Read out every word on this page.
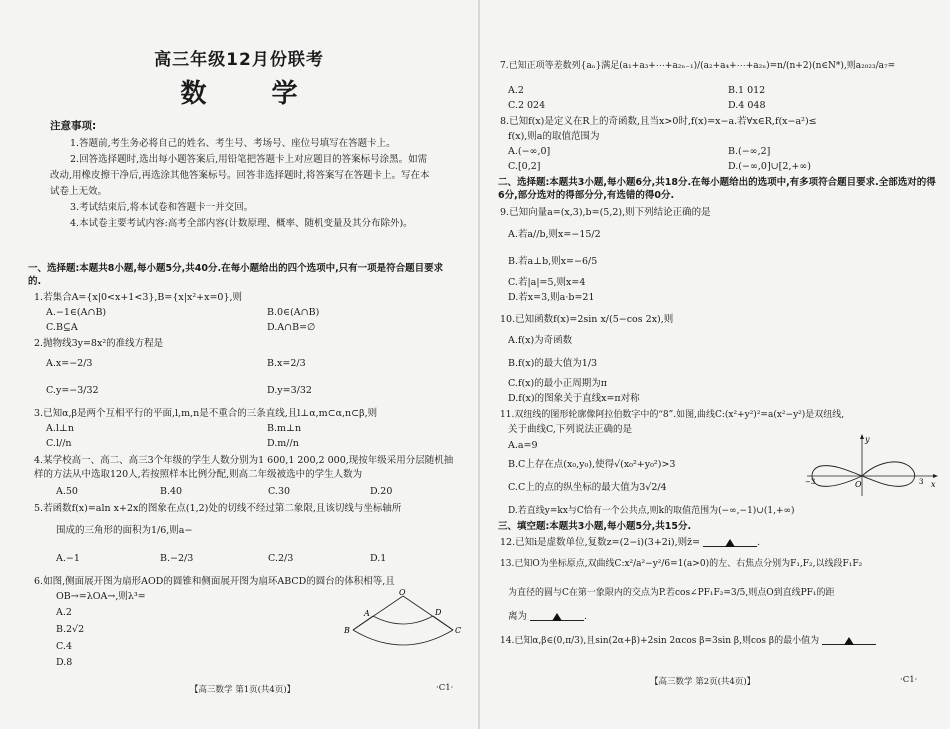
高三年级12月份联考
数 学
注意事项:
1.答题前,考生务必将自己的姓名、考生号、考场号、座位号填写在答题卡上。
2.回答选择题时,选出每小题答案后,用铅笔把答题卡上对应题目的答案标号涂黑。如需改动,用橡皮擦干净后,再选涂其他答案标号。回答非选择题时,将答案写在答题卡上。写在本试卷上无效。
3.考试结束后,将本试卷和答题卡一并交回。
4.本试卷主要考试内容:高考全部内容(计数原理、概率、随机变量及其分布除外)。
一、选择题:本题共8小题,每小题5分,共40分.在每小题给出的四个选项中,只有一项是符合题目要求的.
1.若集合A={x|0<x+1<3},B={x|x²+x=0},则
A.−1∈(A∩B)	B.0∈(A∩B)
C.B⊆A	D.A∩B=∅
2.抛物线3y=8x²的准线方程是
A.x=−2/3	B.x=2/3
C.y=−3/32	D.y=3/32
3.已知α,β是两个互相平行的平面,l,m,n是不重合的三条直线,且l⊥α,m⊂α,n⊂β,则
A.l⊥n	B.m⊥n
C.l//n	D.m//n
4.某学校高一、高二、高三3个年级的学生人数分别为1 600,1 200,2 000,现按年级采用分层随机抽样的方法从中选取120人,若按照样本比例分配,则高二年级被选中的学生人数为
A.50	B.40	C.30	D.20
5.若函数f(x)=aln x+2x的图象在点(1,2)处的切线不经过第二象限,且该切线与坐标轴所
围成的三角形的面积为1/6,则a−
A.−1	B.−2/3	C.2/3	D.1
6.如图,侧面展开图为扇形AOD的圆锥和侧面展开图为扇环ABCD的圆台的体积相等,且
OB→=λOA→,则λ³=
A.2
B.2√2
C.4
D.8
O
A
B	C
D
【高三数学 第1页(共4页)】	·C1·
7.已知正项等差数列{aₙ}满足(a₁+a₃+⋯+a₂ₙ₋₁)/(a₂+a₄+⋯+a₂ₙ)=n/(n+2)(n∈N*),则a₂₀₂₃/a₇=
A.2	B.1 012
C.2 024	D.4 048
8.已知f(x)是定义在R上的奇函数,且当x>0时,f(x)=x−a.若∀x∈R,f(x−a²)≤
f(x),则a的取值范围为
A.(−∞,0]	B.(−∞,2]
C.[0,2]	D.(−∞,0]∪[2,+∞)
二、选择题:本题共3小题,每小题6分,共18分.在每小题给出的选项中,有多项符合题目要求.全部选对的得6分,部分选对的得部分分,有选错的得0分.
9.已知向量a=(x,3),b=(5,2),则下列结论正确的是
A.若a//b,则x=−15/2
B.若a⊥b,则x=−6/5
C.若|a|=5,则x=4
D.若x=3,则a·b=21
10.已知函数f(x)=2sin x/(5−cos 2x),则
A.f(x)为奇函数
B.f(x)的最大值为1/3
C.f(x)的最小正周期为π
D.f(x)的图象关于直线x=π对称
11.双纽线的图形轮廓像阿拉伯数字中的“8”.如图,曲线C:(x²+y²)²=a(x²−y²)是双纽线,
关于曲线C,下列说法正确的是
A.a=9
B.C上存在点(x₀,y₀),使得√(x₀²+y₀²)>3
C.C上的点的纵坐标的最大值为3√2/4
D.若直线y=kx与C恰有一个公共点,则k的取值范围为(−∞,−1)∪(1,+∞)
y
x
O
−3	3
三、填空题:本题共3小题,每小题5分,共15分.
12.已知i是虚数单位,复数z=(2−i)(3+2i),则z̄=	.
13.已知O为坐标原点,双曲线C:x²/a²−y²/6=1(a>0)的左、右焦点分别为F₁,F₂,以线段F₁F₂
为直径的圆与C在第一象限内的交点为P.若cos∠PF₁F₂=3/5,则点O到直线PF₁的距
离为	.
14.已知α,β∈(0,π/3),且sin(2α+β)+2sin 2αcos β=3sin β,则cos β的最小值为
【高三数学 第2页(共4页)】	·C1·
